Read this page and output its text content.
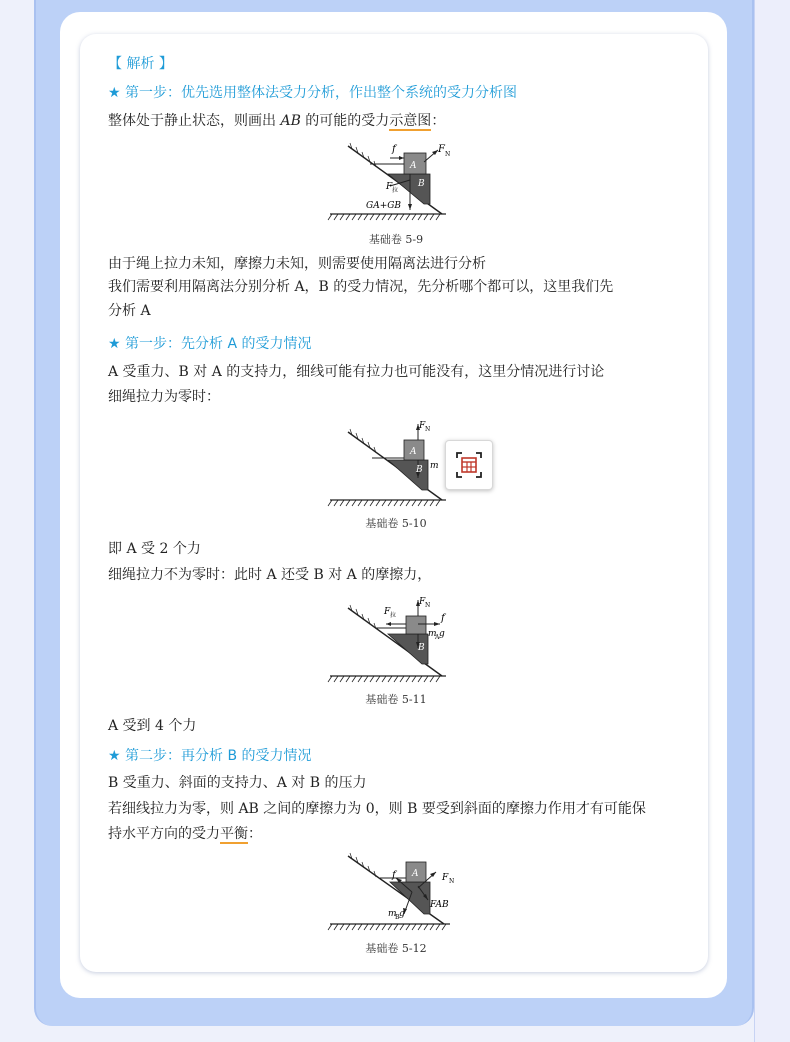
【 解析 】
★ 第一步：优先选用整体法受力分析，作出整个系统的受力分析图
整体处于静止状态，则画出 AB 的可能的受力示意图：
f
A
B
F N
F 拉
GA+GB
基础卷 5-9
由于绳上拉力未知，摩擦力未知，则需要使用隔离法进行分析
我们需要利用隔离法分别分析 A，B 的受力情况，先分析哪个都可以，这里我们先
分析 A
★ 第一步：先分析 A 的受力情况
A 受重力、B 对 A 的支持力，细线可能有拉力也可能没有，这里分情况进行讨论
细绳拉力为零时：
F N
A
B m
基础卷 5-10
即 A 受 2 个力
细绳拉力不为零时：此时 A 还受 B 对 A 的摩擦力，
F 拉
F N
f
m
A g
B
基础卷 5-11
A 受到 4 个力
★ 第二步：再分析 B 的受力情况
B 受重力、斜面的支持力、A 对 B 的压力
若细线拉力为零，则 AB 之间的摩擦力为 0，则 B 要受到斜面的摩擦力作用才有可能保
持水平方向的受力平衡：
f A	F N
FAB
m
B g
基础卷 5-12
